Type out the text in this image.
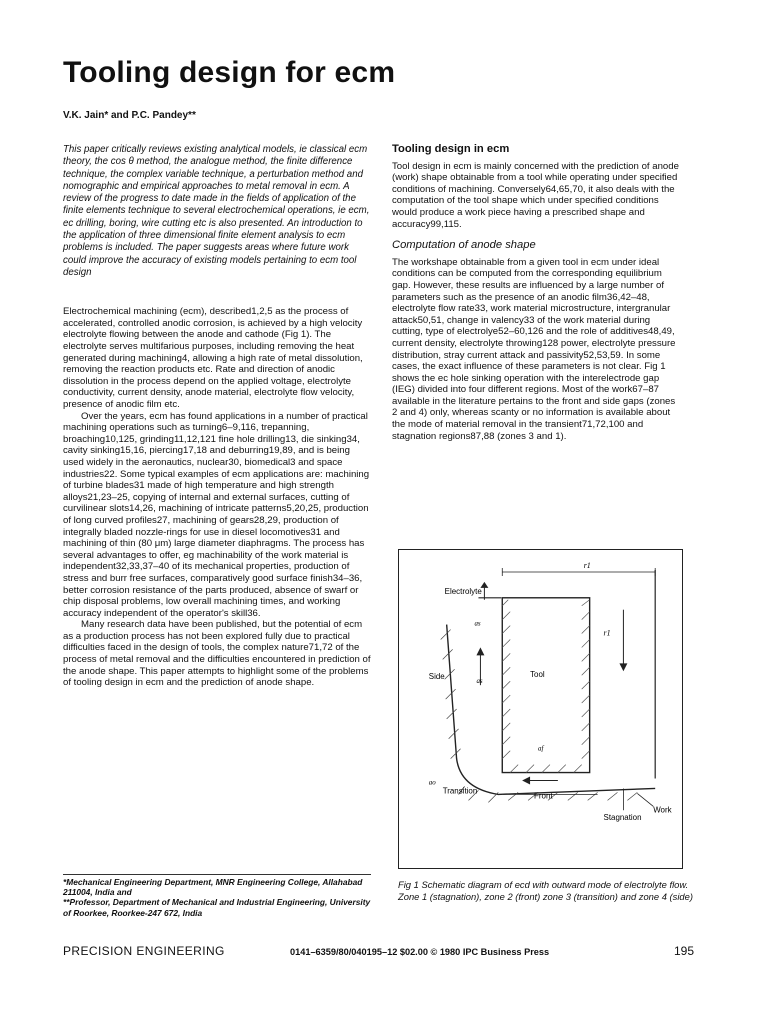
Tooling design for ecm
V.K. Jain* and P.C. Pandey**

This paper critically reviews existing analytical models, ie classical ecm theory, the cos θ method, the analogue method, the finite difference technique, the complex variable technique, a perturbation method and nomographic and empirical approaches to metal removal in ecm. A review of the progress to date made in the fields of application of the finite elements technique to several electrochemical operations, ie ecm, ec drilling, boring, wire cutting etc is also presented. An introduction to the application of three dimensional finite element analysis to ecm problems is included. The paper suggests areas where future work could improve the accuracy of existing models pertaining to ecm tool design

Electrochemical machining (ecm), described1,2,5 as the process of accelerated, controlled anodic corrosion, is achieved by a high velocity electrolyte flowing between the anode and cathode (Fig 1). The electrolyte serves multifarious purposes, including removing the heat generated during machining4, allowing a high rate of metal dissolution, removing the reaction products etc. Rate and direction of anodic dissolution in the process depend on the applied voltage, electrolyte conductivity, current density, anode material, electrolyte flow velocity, presence of anodic film etc.

Over the years, ecm has found applications in a number of practical machining operations such as turning6–9,116, trepanning, broaching10,125, grinding11,12,121 fine hole drilling13, die sinking34, cavity sinking15,16, piercing17,18 and deburring19,89, and is being used widely in the aeronautics, nuclear30, biomedical3 and space industries22. Some typical examples of ecm applications are: machining of turbine blades31 made of high temperature and high strength alloys21,23–25, copying of internal and external surfaces, cutting of curvilinear slots14,26, machining of intricate patterns5,20,25, production of long curved profiles27, machining of gears28,29, production of integrally bladed nozzle-rings for use in diesel locomotives31 and machining of thin (80 μm) large diameter diaphragms. The process has several advantages to offer, eg machinability of the work material is independent32,33,37–40 of its mechanical properties, production of stress and burr free surfaces, comparatively good surface finish34–36, better corrosion resistance of the parts produced, absence of swarf or chip disposal problems, low overall machining times, and working accuracy independent of the operator's skill36.

Many research data have been published, but the potential of ecm as a production process has not been explored fully due to practical difficulties faced in the design of tools, the complex nature71,72 of the process of metal removal and the difficulties encountered in prediction of the anode shape. This paper attempts to highlight some of the problems of tooling design in ecm and the prediction of anode shape.

*Mechanical Engineering Department, MNR Engineering College, Allahabad 211004, India and
**Professor, Department of Mechanical and Industrial Engineering, University of Roorkee, Roorkee-247 672, India
Tooling design in ecm

Tool design in ecm is mainly concerned with the prediction of anode (work) shape obtainable from a tool while operating under specified conditions of machining. Conversely64,65,70, it also deals with the computation of the tool shape which under specified conditions would produce a work piece having a prescribed shape and accuracy99,115.

Computation of anode shape

The workshape obtainable from a given tool in ecm under ideal conditions can be computed from the corresponding equilibrium gap. However, these results are influenced by a large number of parameters such as the presence of an anodic film36,42–48, electrolyte flow rate33, work material microstructure, intergranular attack50,51, change in valency33 of the work material during cutting, type of electrolye52–60,126 and the role of additives48,49, current density, electrolyte throwing128 power, electrolyte pressure distribution, stray current attack and passivity52,53,59. In some cases, the exact influence of these parameters is not clear. Fig 1 shows the ec hole sinking operation with the interelectrode gap (IEG) divided into four different regions. Most of the work67–87 available in the literature pertains to the front and side gaps (zones 2 and 4) only, whereas scanty or no information is available about the mode of material removal in the transient71,72,100 and stagnation regions87,88 (zones 3 and 1).

Electrolyte
Tool
Side
Transition
Front
Work
Stagnation
r1
r1
as
as
ao
af
Fig 1 Schematic diagram of ecd with outward mode of electrolyte flow. Zone 1 (stagnation), zone 2 (front) zone 3 (transition) and zone 4 (side)
PRECISION ENGINEERING	0141–6359/80/040195–12 $02.00 © 1980 IPC Business Press	195
